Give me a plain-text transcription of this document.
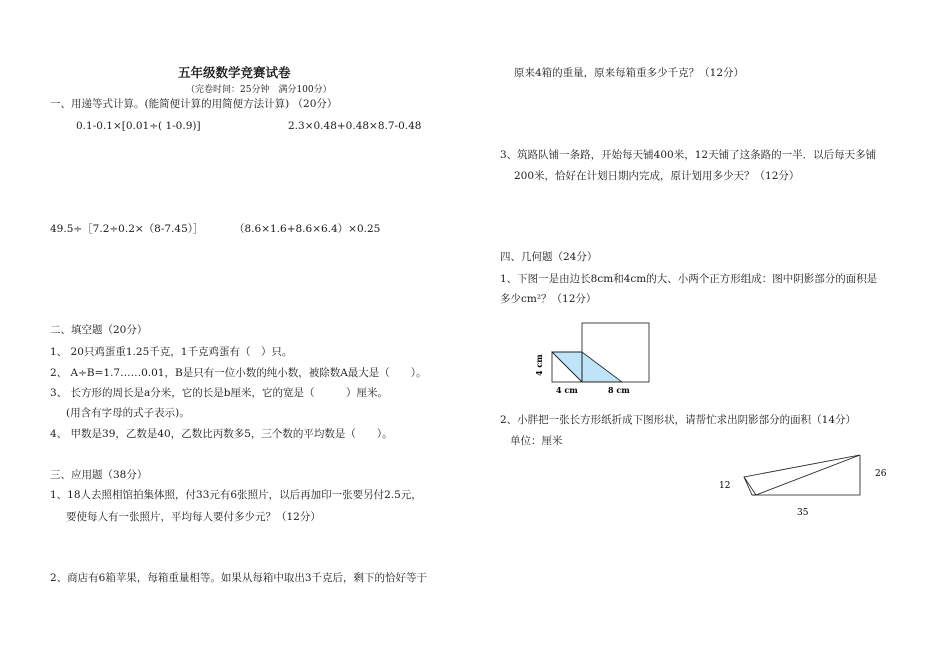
五年级数学竞赛试卷
（完卷时间：25分钟　满分100分）
一、用递等式计算。(能简便计算的用简便方法计算) （20分）
0.1-0.1×[0.01÷( 1-0.9)]	2.3×0.48+0.48×8.7-0.48
49.5÷［7.2÷0.2×（8-7.45）］	（8.6×1.6+8.6×6.4）×0.25
二、填空题（20分）
1、 20只鸡蛋重1.25千克，1千克鸡蛋有（　）只。
2、 A÷B=1.7……0.01，B是只有一位小数的纯小数，被除数A最大是（　　）。
3、 长方形的周长是a分米，它的长是b厘米，它的宽是（　　　）厘米。
(用含有字母的式子表示)。
4、 甲数是39，乙数是40，乙数比丙数多5，三个数的平均数是（　　）。
三、应用题（38分）
1、18人去照相馆拍集体照，付33元有6张照片，以后再加印一张要另付2.5元，
要使每人有一张照片，平均每人要付多少元？（12分）
2、商店有6箱苹果，每箱重量相等。如果从每箱中取出3千克后，剩下的恰好等于
原来4箱的重量，原来每箱重多少千克？（12分）
3、筑路队铺一条路，开始每天铺400米，12天铺了这条路的一半．以后每天多铺
200米，恰好在计划日期内完成，原计划用多少天？（12分）
四、几何题（24分）
1、下图一是由边长8cm和4cm的大、小两个正方形组成：图中阴影部分的面积是
多少cm²？（12分）
4 cm
4 cm	8 cm
2、小胖把一张长方形纸折成下图形状，请帮忙求出阴影部分的面积（14分）
单位：厘米
12
26
35
